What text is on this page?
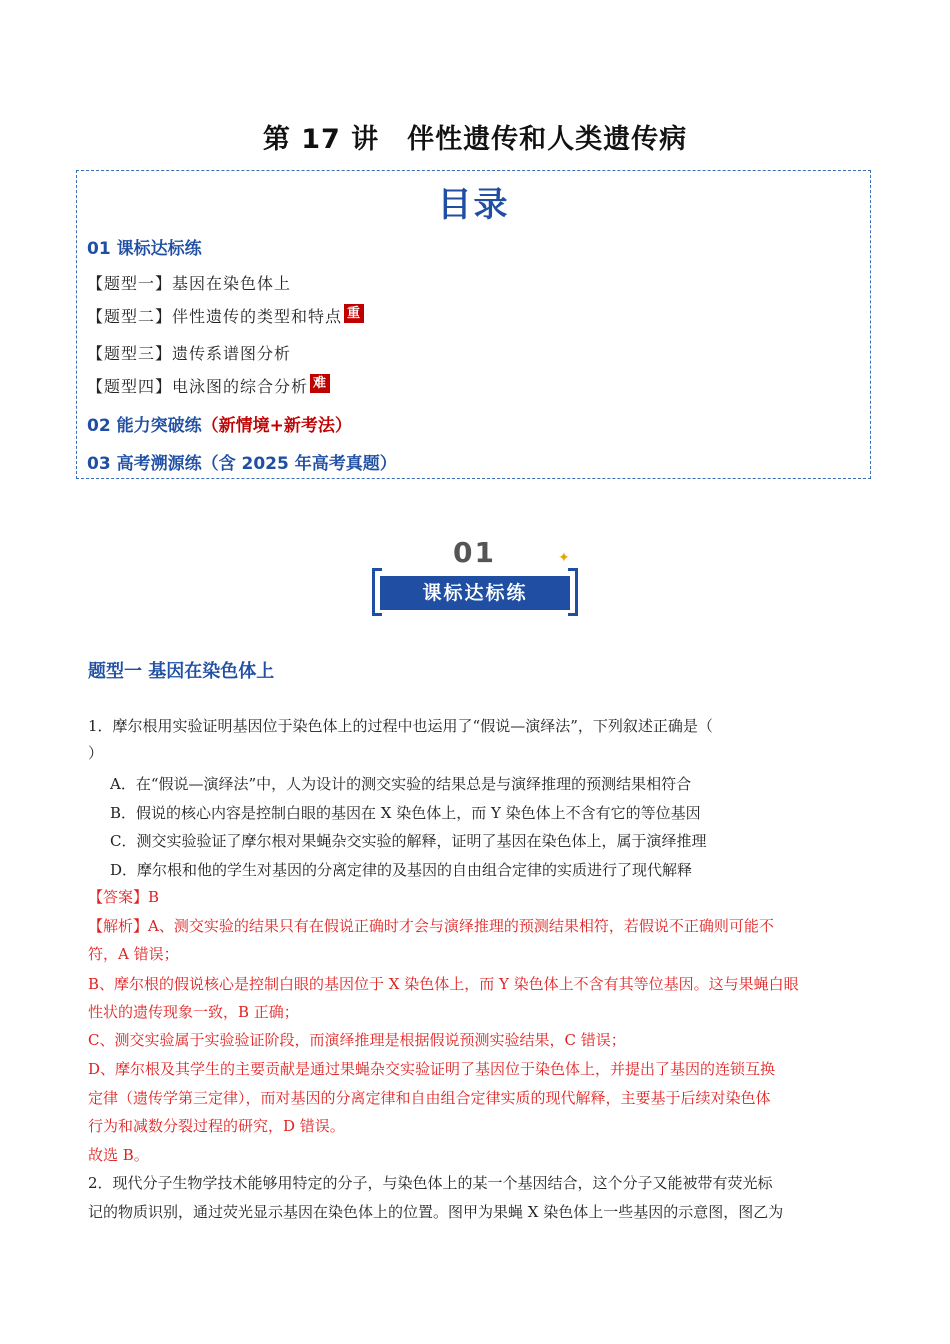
第 17 讲　伴性遗传和人类遗传病
目录
01 课标达标练
【题型一】基因在染色体上
【题型二】伴性遗传的类型和特点 重
【题型三】遗传系谱图分析
【题型四】电泳图的综合分析 难
02 能力突破练（新情境+新考法）
03 高考溯源练（含 2025 年高考真题）
01	✦
课标达标练
题型一 基因在染色体上
1．摩尔根用实验证明基因位于染色体上的过程中也运用了“假说—演绎法”，下列叙述正确是（
）
A．在“假说—演绎法”中，人为设计的测交实验的结果总是与演绎推理的预测结果相符合
B．假说的核心内容是控制白眼的基因在 X 染色体上，而 Y 染色体上不含有它的等位基因
C．测交实验验证了摩尔根对果蝇杂交实验的解释，证明了基因在染色体上，属于演绎推理
D．摩尔根和他的学生对基因的分离定律的及基因的自由组合定律的实质进行了现代解释
【答案】B
【解析】A、测交实验的结果只有在假说正确时才会与演绎推理的预测结果相符，若假说不正确则可能不
符，A 错误；
B、摩尔根的假说核心是控制白眼的基因位于 X 染色体上，而 Y 染色体上不含有其等位基因。这与果蝇白眼
性状的遗传现象一致，B 正确；
C、测交实验属于实验验证阶段，而演绎推理是根据假说预测实验结果，C 错误；
D、摩尔根及其学生的主要贡献是通过果蝇杂交实验证明了基因位于染色体上，并提出了基因的连锁互换
定律（遗传学第三定律），而对基因的分离定律和自由组合定律实质的现代解释，主要基于后续对染色体
行为和减数分裂过程的研究，D 错误。
故选 B。
2．现代分子生物学技术能够用特定的分子，与染色体上的某一个基因结合，这个分子又能被带有荧光标
记的物质识别，通过荧光显示基因在染色体上的位置。图甲为果蝇 X 染色体上一些基因的示意图，图乙为
